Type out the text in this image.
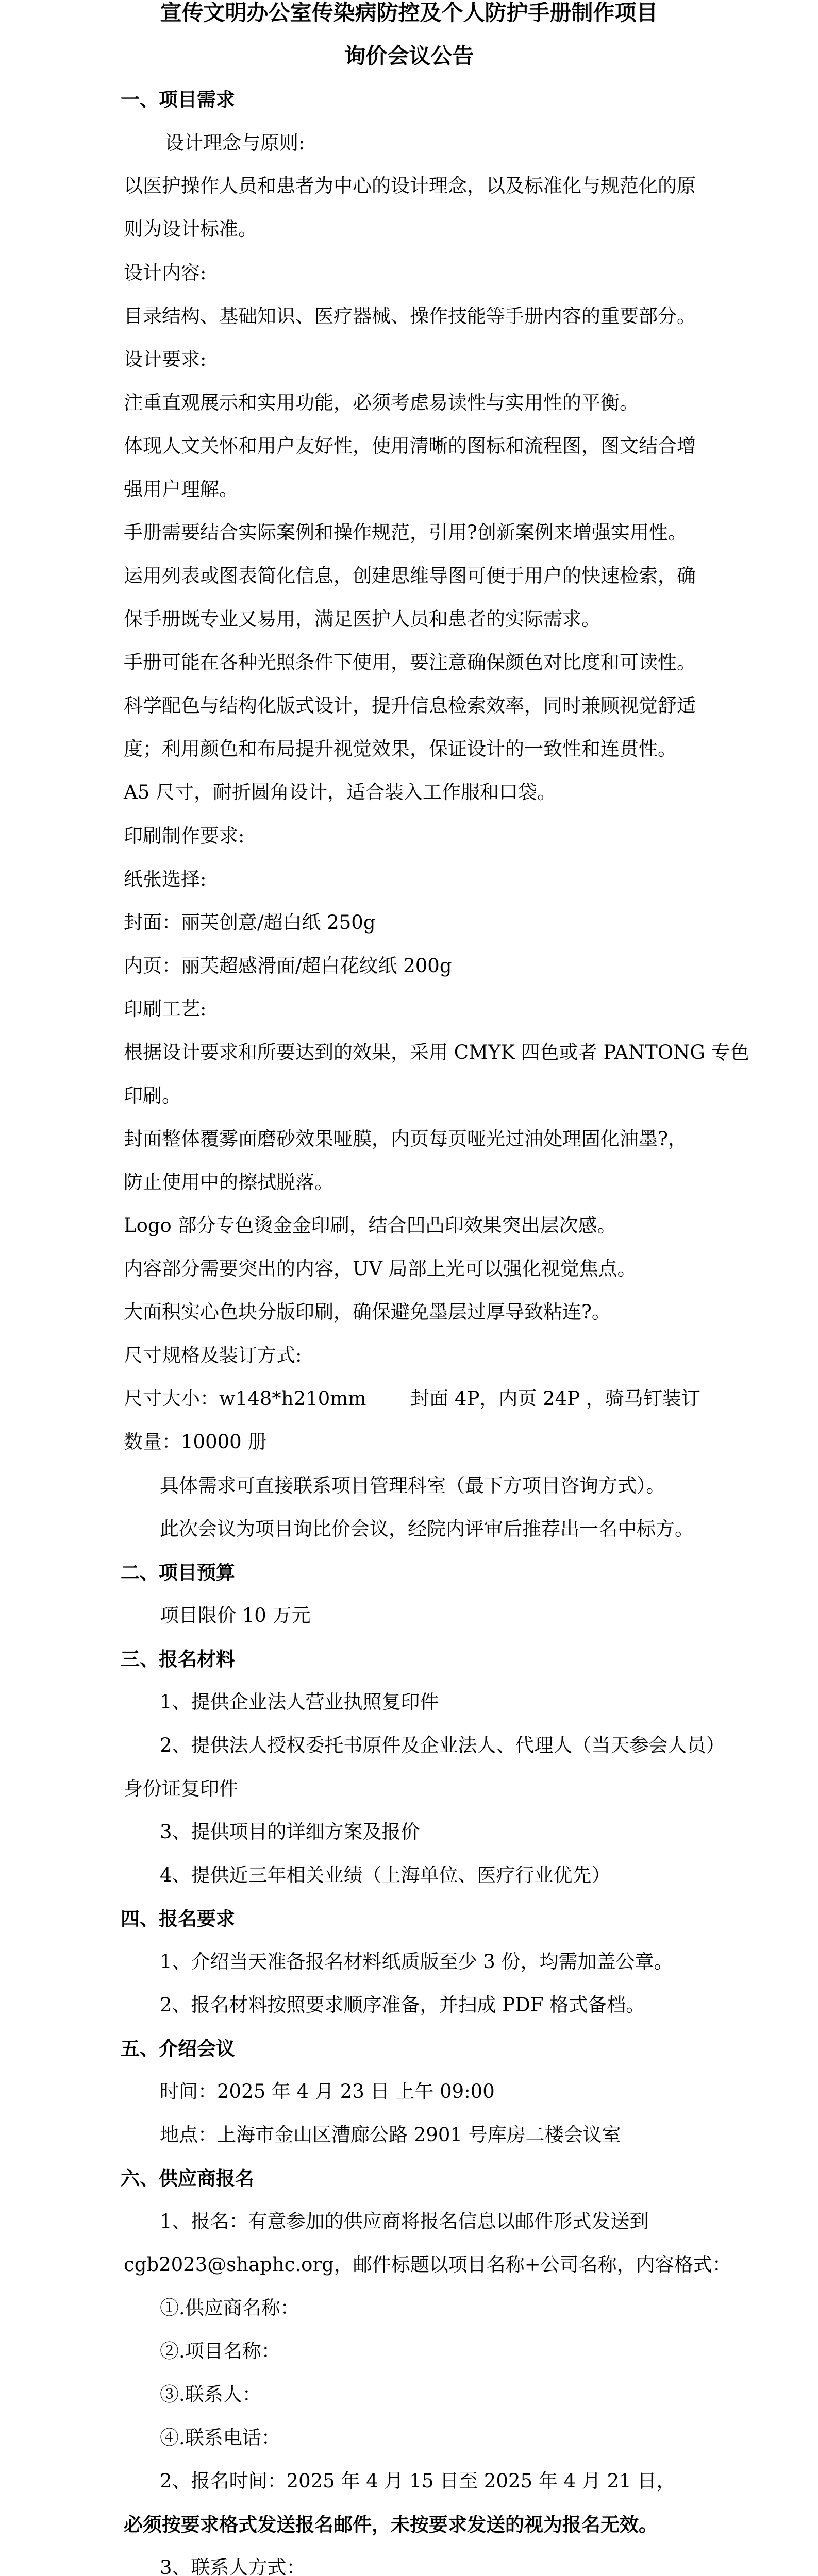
宣传文明办公室传染病防控及个人防护手册制作项目
询价会议公告
一、项目需求
设计理念与原则:
以医护操作人员和患者为中心的设计理念，以及标准化与规范化的原
则为设计标准。
设计内容:
目录结构、基础知识、医疗器械、操作技能等手册内容的重要部分。
设计要求:
注重直观展示和实用功能，必须考虑易读性与实用性的平衡。
体现人文关怀和用户友好性，使用清晰的图标和流程图，图文结合增
强用户理解。
手册需要结合实际案例和操作规范，引用?创新案例来增强实用性。
运用列表或图表简化信息，创建思维导图可便于用户的快速检索，确
保手册既专业又易用，满足医护人员和患者的实际需求。
手册可能在各种光照条件下使用，要注意确保颜色对比度和可读性。
科学配色与结构化版式设计，提升信息检索效率，同时兼顾视觉舒适
度；利用颜色和布局提升视觉效果，保证设计的一致性和连贯性。
A5 尺寸，耐折圆角设计，适合装入工作服和口袋。
印刷制作要求:
纸张选择:
封面：丽芙创意/超白纸 250g
内页：丽芙超感滑面/超白花纹纸 200g
印刷工艺:
根据设计要求和所要达到的效果，采用 CMYK 四色或者 PANTONG 专色
印刷。
封面整体覆雾面磨砂效果哑膜，内页每页哑光过油处理固化油墨?，
防止使用中的擦拭脱落。
Logo 部分专色烫金金印刷，结合凹凸印效果突出层次感。
内容部分需要突出的内容，UV 局部上光可以强化视觉焦点。
大面积实心色块分版印刷，确保避免墨层过厚导致粘连?。
尺寸规格及装订方式:
尺寸大小：w148*h210mm　　 封面 4P，内页 24P ，骑马钉装订
数量：10000 册
具体需求可直接联系项目管理科室（最下方项目咨询方式）。
此次会议为项目询比价会议，经院内评审后推荐出一名中标方。
二、项目预算
项目限价 10 万元
三、报名材料
1、提供企业法人营业执照复印件
2、提供法人授权委托书原件及企业法人、代理人（当天参会人员）
身份证复印件
3、提供项目的详细方案及报价
4、提供近三年相关业绩（上海单位、医疗行业优先）
四、报名要求
1、介绍当天准备报名材料纸质版至少 3 份，均需加盖公章。
2、报名材料按照要求顺序准备，并扫成 PDF 格式备档。
五、介绍会议
时间：2025 年 4 月 23 日 上午 09:00
地点：上海市金山区漕廊公路 2901 号库房二楼会议室
六、供应商报名
1、报名：有意参加的供应商将报名信息以邮件形式发送到
cgb2023@shaphc.org，邮件标题以项目名称+公司名称，内容格式：
①.供应商名称：
②.项目名称：
③.联系人：
④.联系电话：
2、报名时间：2025 年 4 月 15 日至 2025 年 4 月 21 日，
必须按要求格式发送报名邮件，未按要求发送的视为报名无效。
3、联系人方式：
